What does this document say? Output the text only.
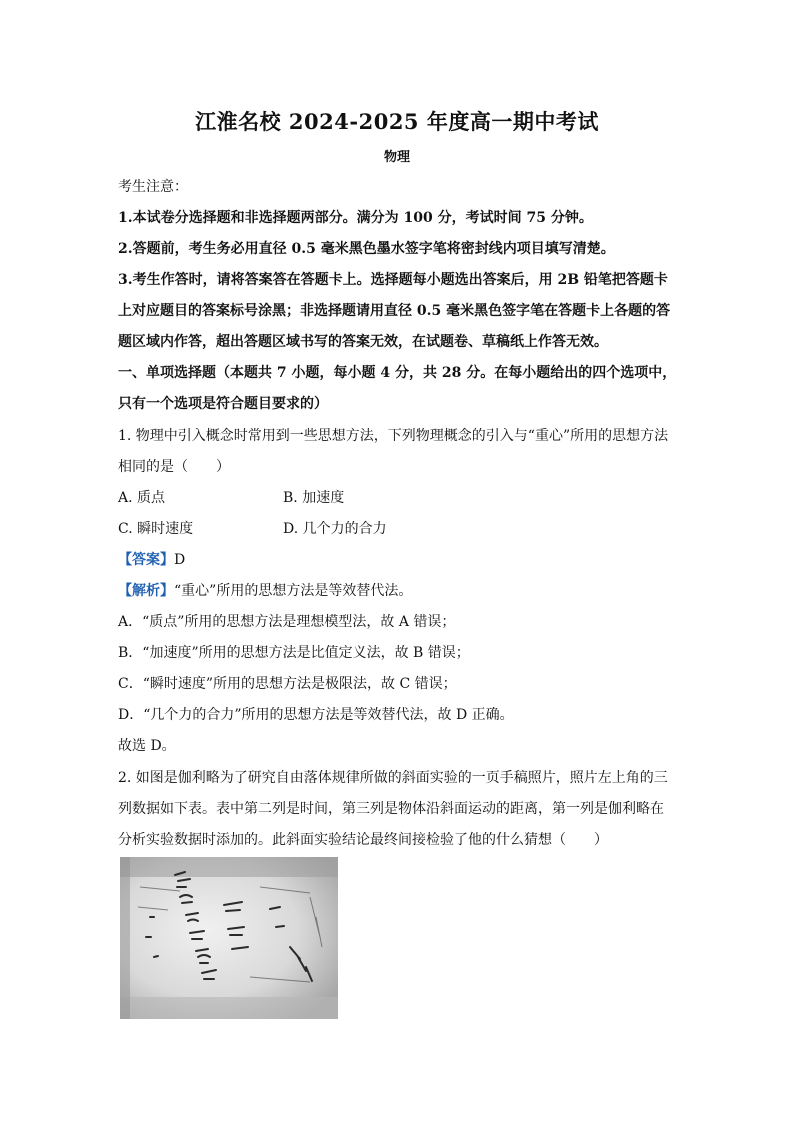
江淮名校 2024-2025 年度高一期中考试
物理
考生注意：
1.本试卷分选择题和非选择题两部分。满分为 100 分，考试时间 75 分钟。
2.答题前，考生务必用直径 0.5 毫米黑色墨水签字笔将密封线内项目填写清楚。
3.考生作答时，请将答案答在答题卡上。选择题每小题选出答案后，用 2B 铅笔把答题卡
上对应题目的答案标号涂黑；非选择题请用直径 0.5 毫米黑色签字笔在答题卡上各题的答
题区域内作答，超出答题区域书写的答案无效，在试题卷、草稿纸上作答无效。
一、单项选择题（本题共 7 小题，每小题 4 分，共 28 分。在每小题给出的四个选项中，
只有一个选项是符合题目要求的）
1. 物理中引入概念时常用到一些思想方法，下列物理概念的引入与“重心”所用的思想方法
相同的是（　　）
A. 质点	B. 加速度
C. 瞬时速度	D. 几个力的合力
【答案】D
【解析】“重心”所用的思想方法是等效替代法。
A．“质点”所用的思想方法是理想模型法，故 A 错误；
B．“加速度”所用的思想方法是比值定义法，故 B 错误；
C．“瞬时速度”所用的思想方法是极限法，故 C 错误；
D．“几个力的合力”所用的思想方法是等效替代法，故 D 正确。
故选 D。
2. 如图是伽利略为了研究自由落体规律所做的斜面实验的一页手稿照片，照片左上角的三
列数据如下表。表中第二列是时间，第三列是物体沿斜面运动的距离，第一列是伽利略在
分析实验数据时添加的。此斜面实验结论最终间接检验了他的什么猜想（　　）
